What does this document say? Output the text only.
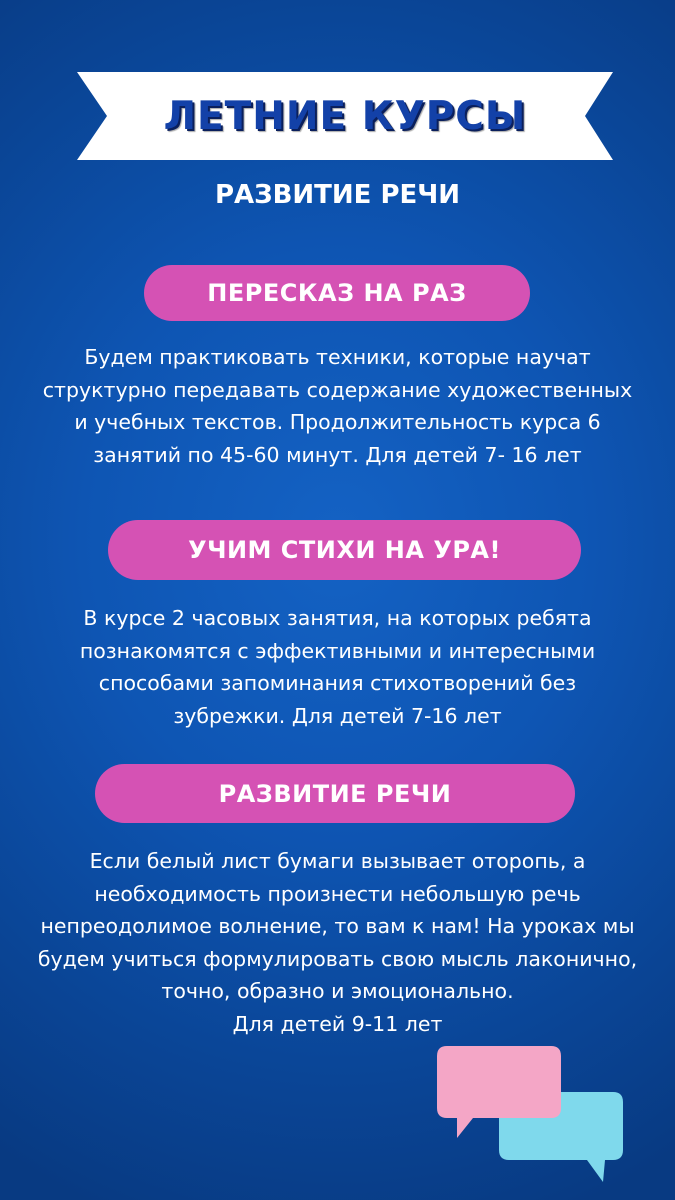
ЛЕТНИЕ КУРСЫ
РАЗВИТИЕ РЕЧИ
ПЕРЕСКАЗ НА РАЗ
Будем практиковать техники, которые научат
структурно передавать содержание художественных
и учебных текстов. Продолжительность курса 6
занятий по 45-60 минут. Для детей 7- 16 лет
УЧИМ СТИХИ НА УРА!
В курсе 2 часовых занятия, на которых ребята
познакомятся с эффективными и интересными
способами запоминания стихотворений без
зубрежки. Для детей 7-16 лет
РАЗВИТИЕ РЕЧИ
Если белый лист бумаги вызывает оторопь, а
необходимость произнести небольшую речь
непреодолимое волнение, то вам к нам! На уроках мы
будем учиться формулировать свою мысль лаконично,
точно, образно и эмоционально.
Для детей 9-11 лет
